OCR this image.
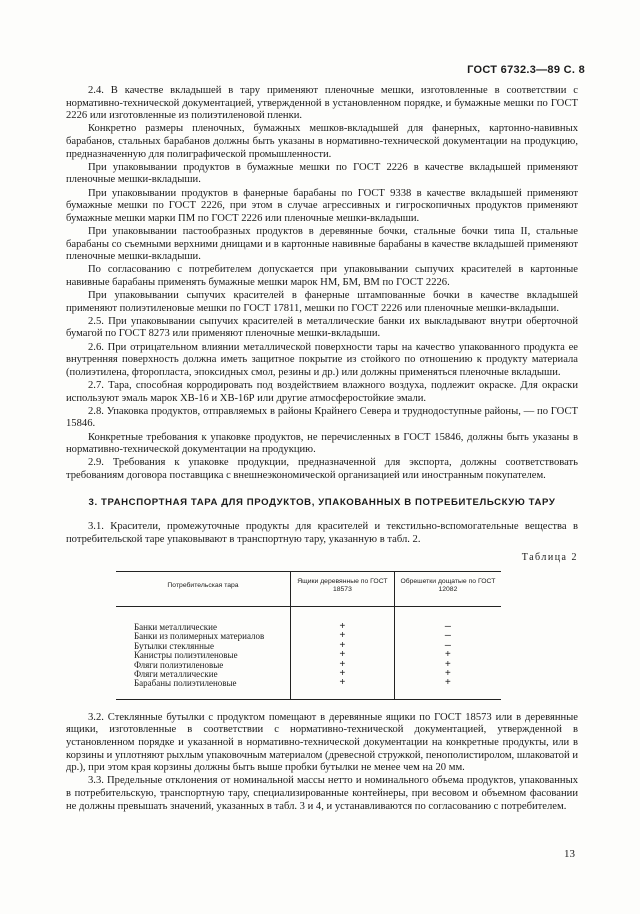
ГОСТ 6732.3—89 С. 8

2.4. В качестве вкладышей в тару применяют пленочные мешки, изготовленные в соответствии с нормативно-технической документацией, утвержденной в установленном порядке, и бумажные мешки по ГОСТ 2226 или изготовленные из полиэтиленовой пленки.

Конкретно размеры пленочных, бумажных мешков-вкладышей для фанерных, картонно-навивных барабанов, стальных барабанов должны быть указаны в нормативно-технической документации на продукцию, предназначенную для полиграфической промышленности.

При упаковывании продуктов в бумажные мешки по ГОСТ 2226 в качестве вкладышей применяют пленочные мешки-вкладыши.

При упаковывании продуктов в фанерные барабаны по ГОСТ 9338 в качестве вкладышей применяют бумажные мешки по ГОСТ 2226, при этом в случае агрессивных и гигроскопичных продуктов применяют бумажные мешки марки ПМ по ГОСТ 2226 или пленочные мешки-вкладыши.

При упаковывании пастообразных продуктов в деревянные бочки, стальные бочки типа II, стальные барабаны со съемными верхними днищами и в картонные навивные барабаны в качестве вкладышей применяют пленочные мешки-вкладыши.

По согласованию с потребителем допускается при упаковывании сыпучих красителей в картонные навивные барабаны применять бумажные мешки марок НМ, БМ, ВМ по ГОСТ 2226.

При упаковывании сыпучих красителей в фанерные штампованные бочки в качестве вкладышей применяют полиэтиленовые мешки по ГОСТ 17811, мешки по ГОСТ 2226 или пленочные мешки-вкладыши.

2.5. При упаковывании сыпучих красителей в металлические банки их выкладывают внутри оберточной бумагой по ГОСТ 8273 или применяют пленочные мешки-вкладыши.

2.6. При отрицательном влиянии металлической поверхности тары на качество упакованного продукта ее внутренняя поверхность должна иметь защитное покрытие из стойкого по отношению к продукту материала (полиэтилена, фторопласта, эпоксидных смол, резины и др.) или должны применяться пленочные вкладыши.

2.7. Тара, способная корродировать под воздействием влажного воздуха, подлежит окраске. Для окраски используют эмаль марок ХВ-16 и ХВ-16Р или другие атмосферостойкие эмали.

2.8. Упаковка продуктов, отправляемых в районы Крайнего Севера и труднодоступные районы, — по ГОСТ 15846.

Конкретные требования к упаковке продуктов, не перечисленных в ГОСТ 15846, должны быть указаны в нормативно-технической документации на продукцию.

2.9. Требования к упаковке продукции, предназначенной для экспорта, должны соответствовать требованиям договора поставщика с внешнеэкономической организацией или иностранным покупателем.

3. ТРАНСПОРТНАЯ ТАРА ДЛЯ ПРОДУКТОВ, УПАКОВАННЫХ В ПОТРЕБИТЕЛЬСКУЮ ТАРУ

3.1. Красители, промежуточные продукты для красителей и текстильно-вспомогательные вещества в потребительской таре упаковывают в транспортную тару, указанную в табл. 2.

Таблица 2
Потребительская тара	Ящики деревянные по ГОСТ 18573	Обрешетки дощатые по ГОСТ 12082
Банки металлические	+	—
Банки из полимерных материалов	+	—
Бутылки стеклянные	+	—
Канистры полиэтиленовые	+	+
Фляги полиэтиленовые	+	+
Фляги металлические	+	+
Барабаны полиэтиленовые	+	+

3.2. Стеклянные бутылки с продуктом помещают в деревянные ящики по ГОСТ 18573 или в деревянные ящики, изготовленные в соответствии с нормативно-технической документацией, утвержденной в установленном порядке и указанной в нормативно-технической документации на конкретные продукты, или в корзины и уплотняют рыхлым упаковочным материалом (древесной стружкой, пенополистиролом, шлаковатой и др.), при этом края корзины должны быть выше пробки бутылки не менее чем на 20 мм.

3.3. Предельные отклонения от номинальной массы нетто и номинального объема продуктов, упакованных в потребительскую, транспортную тару, специализированные контейнеры, при весовом и объемном фасовании не должны превышать значений, указанных в табл. 3 и 4, и устанавливаются по согласованию с потребителем.

13
